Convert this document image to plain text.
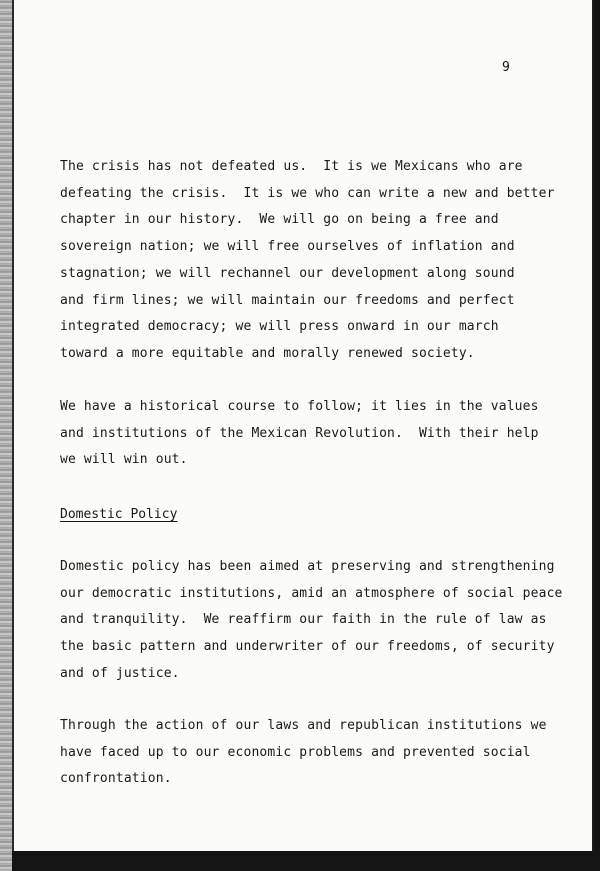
9

The crisis has not defeated us.  It is we Mexicans who are
defeating the crisis.  It is we who can write a new and better
chapter in our history.  We will go on being a free and
sovereign nation; we will free ourselves of inflation and
stagnation; we will rechannel our development along sound
and firm lines; we will maintain our freedoms and perfect
integrated democracy; we will press onward in our march
toward a more equitable and morally renewed society.

We have a historical course to follow; it lies in the values
and institutions of the Mexican Revolution.  With their help
we will win out.

Domestic Policy

Domestic policy has been aimed at preserving and strengthening
our democratic institutions, amid an atmosphere of social peace
and tranquility.  We reaffirm our faith in the rule of law as
the basic pattern and underwriter of our freedoms, of security
and of justice.

Through the action of our laws and republican institutions we
have faced up to our economic problems and prevented social
confrontation.
